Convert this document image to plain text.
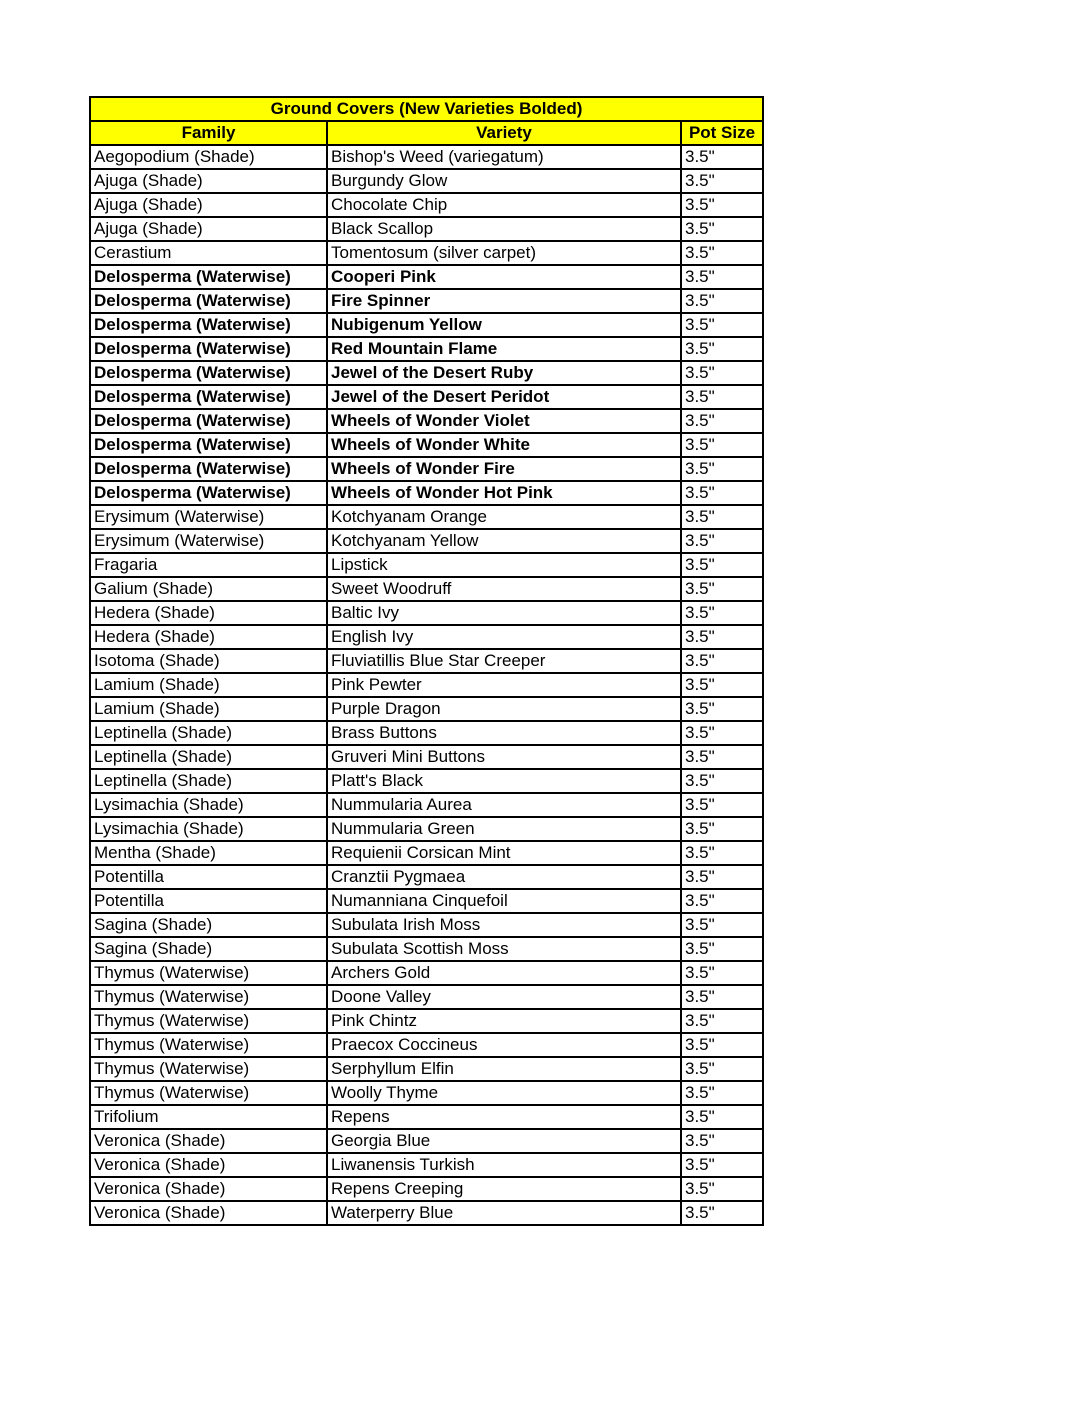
Ground Covers (New Varieties Bolded)		
Family	Variety	Pot Size
Aegopodium (Shade)	Bishop's Weed (variegatum)	3.5"
Ajuga (Shade)	Burgundy Glow	3.5"
Ajuga (Shade)	Chocolate Chip	3.5"
Ajuga (Shade)	Black Scallop	3.5"
Cerastium	Tomentosum (silver carpet)	3.5"
Delosperma (Waterwise)	Cooperi Pink	3.5"
Delosperma (Waterwise)	Fire Spinner	3.5"
Delosperma (Waterwise)	Nubigenum Yellow	3.5"
Delosperma (Waterwise)	Red Mountain Flame	3.5"
Delosperma (Waterwise)	Jewel of the Desert Ruby	3.5"
Delosperma (Waterwise)	Jewel of the Desert Peridot	3.5"
Delosperma (Waterwise)	Wheels of Wonder Violet	3.5"
Delosperma (Waterwise)	Wheels of Wonder White	3.5"
Delosperma (Waterwise)	Wheels of Wonder Fire	3.5"
Delosperma (Waterwise)	Wheels of Wonder Hot Pink	3.5"
Erysimum (Waterwise)	Kotchyanam Orange	3.5"
Erysimum (Waterwise)	Kotchyanam Yellow	3.5"
Fragaria	Lipstick	3.5"
Galium (Shade)	Sweet Woodruff	3.5"
Hedera (Shade)	Baltic Ivy	3.5"
Hedera (Shade)	English Ivy	3.5"
Isotoma (Shade)	Fluviatillis Blue Star Creeper	3.5"
Lamium (Shade)	Pink Pewter	3.5"
Lamium (Shade)	Purple Dragon	3.5"
Leptinella (Shade)	Brass Buttons	3.5"
Leptinella (Shade)	Gruveri Mini Buttons	3.5"
Leptinella (Shade)	Platt's Black	3.5"
Lysimachia (Shade)	Nummularia Aurea	3.5"
Lysimachia (Shade)	Nummularia Green	3.5"
Mentha (Shade)	Requienii Corsican Mint	3.5"
Potentilla	Cranztii Pygmaea	3.5"
Potentilla	Numanniana Cinquefoil	3.5"
Sagina (Shade)	Subulata Irish Moss	3.5"
Sagina (Shade)	Subulata Scottish Moss	3.5"
Thymus (Waterwise)	Archers Gold	3.5"
Thymus (Waterwise)	Doone Valley	3.5"
Thymus (Waterwise)	Pink Chintz	3.5"
Thymus (Waterwise)	Praecox Coccineus	3.5"
Thymus (Waterwise)	Serphyllum Elfin	3.5"
Thymus (Waterwise)	Woolly Thyme	3.5"
Trifolium	Repens	3.5"
Veronica (Shade)	Georgia Blue	3.5"
Veronica (Shade)	Liwanensis Turkish	3.5"
Veronica (Shade)	Repens Creeping	3.5"
Veronica (Shade)	Waterperry Blue	3.5"
